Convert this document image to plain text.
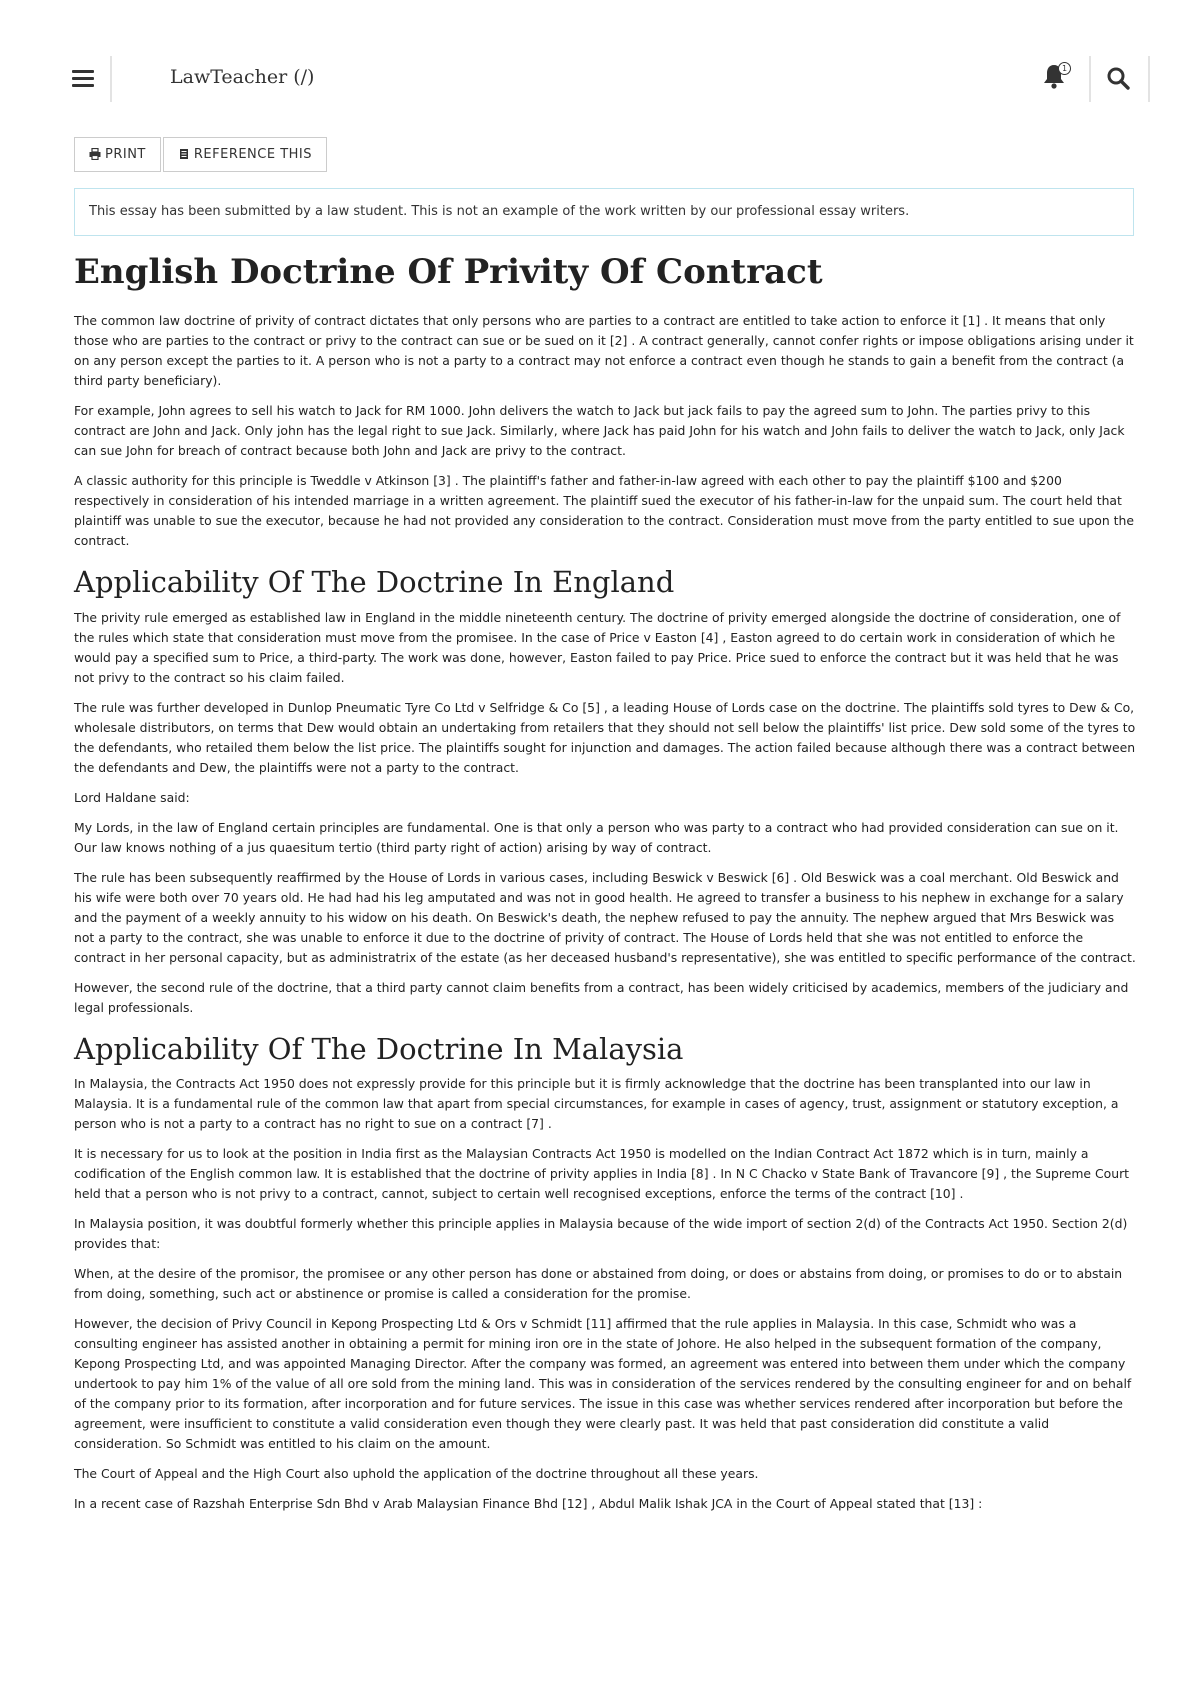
LawTeacher (/)	1
PRINT	REFERENCE THIS
This essay has been submitted by a law student. This is not an example of the work written by our professional essay writers.
English Doctrine Of Privity Of Contract

The common law doctrine of privity of contract dictates that only persons who are parties to a contract are entitled to take action to enforce it [1] . It means that only those who are parties to the contract or privy to the contract can sue or be sued on it [2] . A contract generally, cannot confer rights or impose obligations arising under it on any person except the parties to it. A person who is not a party to a contract may not enforce a contract even though he stands to gain a benefit from the contract (a third party beneficiary).

For example, John agrees to sell his watch to Jack for RM 1000. John delivers the watch to Jack but jack fails to pay the agreed sum to John. The parties privy to this contract are John and Jack. Only john has the legal right to sue Jack. Similarly, where Jack has paid John for his watch and John fails to deliver the watch to Jack, only Jack can sue John for breach of contract because both John and Jack are privy to the contract.

A classic authority for this principle is Tweddle v Atkinson [3] . The plaintiff's father and father-in-law agreed with each other to pay the plaintiff $100 and $200 respectively in consideration of his intended marriage in a written agreement. The plaintiff sued the executor of his father-in-law for the unpaid sum. The court held that plaintiff was unable to sue the executor, because he had not provided any consideration to the contract. Consideration must move from the party entitled to sue upon the contract.

Applicability Of The Doctrine In England

The privity rule emerged as established law in England in the middle nineteenth century. The doctrine of privity emerged alongside the doctrine of consideration, one of the rules which state that consideration must move from the promisee. In the case of Price v Easton [4] , Easton agreed to do certain work in consideration of which he would pay a specified sum to Price, a third-party. The work was done, however, Easton failed to pay Price. Price sued to enforce the contract but it was held that he was not privy to the contract so his claim failed.

The rule was further developed in Dunlop Pneumatic Tyre Co Ltd v Selfridge & Co [5] , a leading House of Lords case on the doctrine. The plaintiffs sold tyres to Dew & Co, wholesale distributors, on terms that Dew would obtain an undertaking from retailers that they should not sell below the plaintiffs' list price. Dew sold some of the tyres to the defendants, who retailed them below the list price. The plaintiffs sought for injunction and damages. The action failed because although there was a contract between the defendants and Dew, the plaintiffs were not a party to the contract.

Lord Haldane said:

My Lords, in the law of England certain principles are fundamental. One is that only a person who was party to a contract who had provided consideration can sue on it. Our law knows nothing of a jus quaesitum tertio (third party right of action) arising by way of contract.

The rule has been subsequently reaffirmed by the House of Lords in various cases, including Beswick v Beswick [6] . Old Beswick was a coal merchant. Old Beswick and his wife were both over 70 years old. He had had his leg amputated and was not in good health. He agreed to transfer a business to his nephew in exchange for a salary and the payment of a weekly annuity to his widow on his death. On Beswick's death, the nephew refused to pay the annuity. The nephew argued that Mrs Beswick was not a party to the contract, she was unable to enforce it due to the doctrine of privity of contract. The House of Lords held that she was not entitled to enforce the contract in her personal capacity, but as administratrix of the estate (as her deceased husband's representative), she was entitled to specific performance of the contract.

However, the second rule of the doctrine, that a third party cannot claim benefits from a contract, has been widely criticised by academics, members of the judiciary and legal professionals.

Applicability Of The Doctrine In Malaysia

In Malaysia, the Contracts Act 1950 does not expressly provide for this principle but it is firmly acknowledge that the doctrine has been transplanted into our law in Malaysia. It is a fundamental rule of the common law that apart from special circumstances, for example in cases of agency, trust, assignment or statutory exception, a person who is not a party to a contract has no right to sue on a contract [7] .

It is necessary for us to look at the position in India first as the Malaysian Contracts Act 1950 is modelled on the Indian Contract Act 1872 which is in turn, mainly a codification of the English common law. It is established that the doctrine of privity applies in India [8] . In N C Chacko v State Bank of Travancore [9] , the Supreme Court held that a person who is not privy to a contract, cannot, subject to certain well recognised exceptions, enforce the terms of the contract [10] .

In Malaysia position, it was doubtful formerly whether this principle applies in Malaysia because of the wide import of section 2(d) of the Contracts Act 1950. Section 2(d) provides that:

When, at the desire of the promisor, the promisee or any other person has done or abstained from doing, or does or abstains from doing, or promises to do or to abstain from doing, something, such act or abstinence or promise is called a consideration for the promise.

However, the decision of Privy Council in Kepong Prospecting Ltd & Ors v Schmidt [11] affirmed that the rule applies in Malaysia. In this case, Schmidt who was a consulting engineer has assisted another in obtaining a permit for mining iron ore in the state of Johore. He also helped in the subsequent formation of the company, Kepong Prospecting Ltd, and was appointed Managing Director. After the company was formed, an agreement was entered into between them under which the company undertook to pay him 1% of the value of all ore sold from the mining land. This was in consideration of the services rendered by the consulting engineer for and on behalf of the company prior to its formation, after incorporation and for future services. The issue in this case was whether services rendered after incorporation but before the agreement, were insufficient to constitute a valid consideration even though they were clearly past. It was held that past consideration did constitute a valid consideration. So Schmidt was entitled to his claim on the amount.

The Court of Appeal and the High Court also uphold the application of the doctrine throughout all these years.

In a recent case of Razshah Enterprise Sdn Bhd v Arab Malaysian Finance Bhd [12] , Abdul Malik Ishak JCA in the Court of Appeal stated that [13] :
